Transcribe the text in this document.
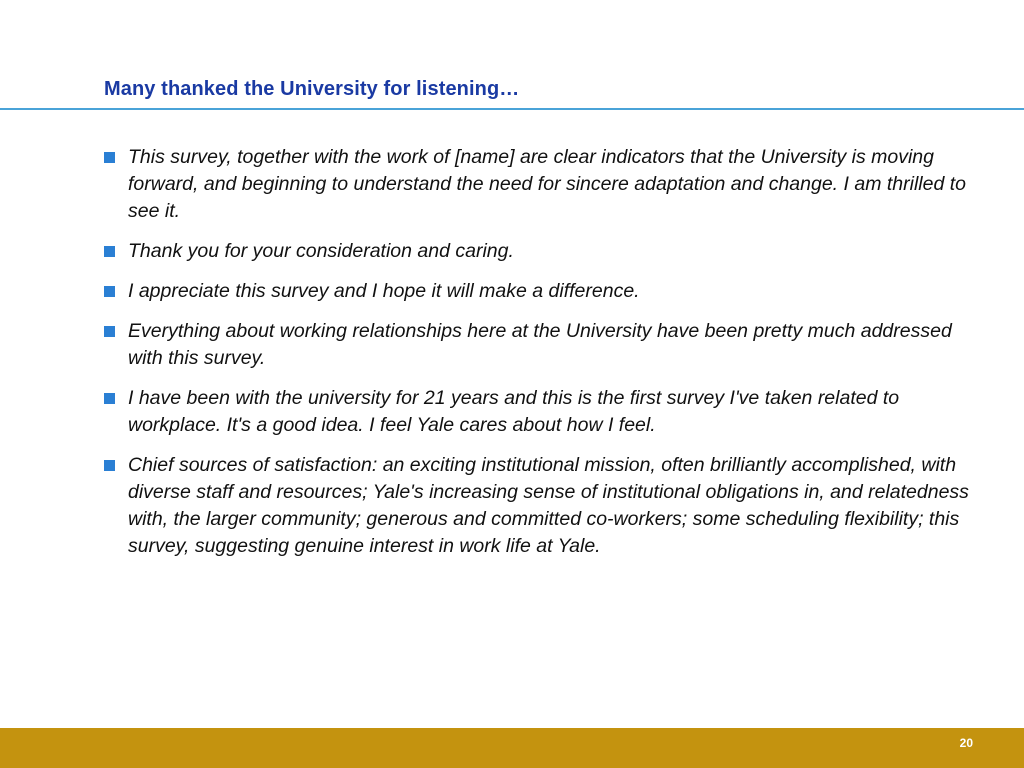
Many thanked the University for listening…
This survey, together with the work of [name] are clear indicators that the University is moving forward, and beginning to understand the need for sincere adaptation and change. I am thrilled to see it.
Thank you for your consideration and caring.
I appreciate this survey and I hope it will make a difference.
Everything about working relationships here at the University have been pretty much addressed with this survey.
I have been with the university for 21 years and this is the first survey I've taken related to workplace. It's a good idea. I feel Yale cares about how I feel.
Chief sources of satisfaction: an exciting institutional mission, often brilliantly accomplished, with diverse staff and resources; Yale's increasing sense of institutional obligations in, and relatedness with, the larger community; generous and committed co-workers; some scheduling flexibility; this survey, suggesting genuine interest in work life at Yale.
20
